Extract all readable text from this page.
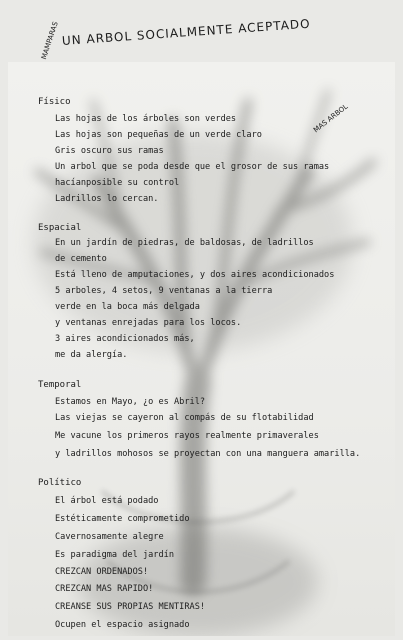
UN ARBOL SOCIALMENTE ACEPTADO
MAMPARAS
MAS ARBOL
Físico
Las hojas de los árboles son verdes
Las hojas son pequeñas de un verde claro
Gris oscuro sus ramas
Un arbol que se poda desde que el grosor de sus ramas
hacíanposible su control
Ladrillos lo cercan.
Espacial
En un jardín de piedras, de baldosas, de ladrillos
de cemento
Está lleno de amputaciones, y dos aires acondicionados
5 arboles, 4 setos, 9 ventanas a la tierra
verde en la boca más delgada
y ventanas enrejadas para los locos.
3 aires acondicionados más,
me da alergía.
Temporal
Estamos en Mayo, ¿o es Abril?
Las viejas se cayeron al compás de su flotabilidad
Me vacune los primeros rayos realmente primaverales
y ladrillos mohosos se proyectan con una manguera amarilla.
Político
El árbol está podado
Estéticamente comprometido
Cavernosamente alegre
Es paradigma del jardín
CREZCAN ORDENADOS!
CREZCAN MAS RAPIDO!
CREANSE SUS PROPIAS MENTIRAS!
Ocupen el espacio asignado
